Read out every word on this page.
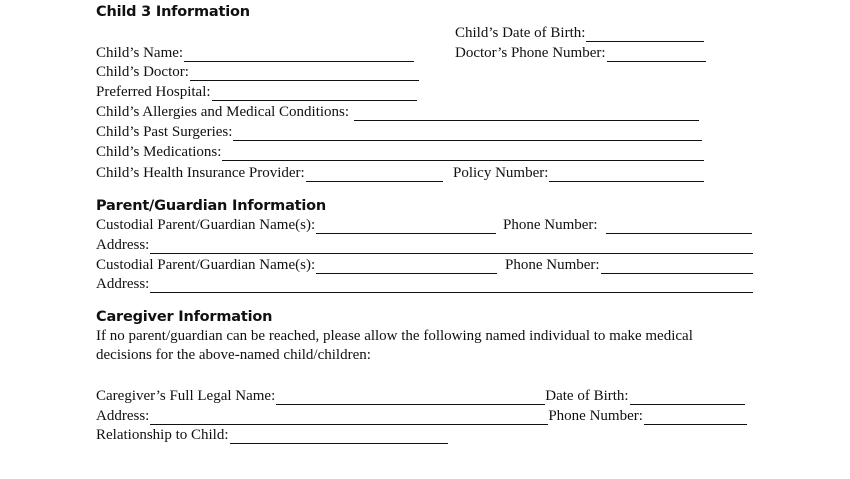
Child 3 Information
Child’s Date of Birth:
Doctor’s Phone Number:
Child’s Name:
Child’s Doctor:
Preferred Hospital:
Child’s Allergies and Medical Conditions:
Child’s Past Surgeries:
Child’s Medications:
Child’s Health Insurance Provider:	Policy Number:
Parent/Guardian Information
Custodial Parent/Guardian Name(s):	Phone Number:
Address:
Custodial Parent/Guardian Name(s):	Phone Number:
Address:
Caregiver Information
If no parent/guardian can be reached, please allow the following named individual to make medical
decisions for the above-named child/children:
Caregiver’s Full Legal Name:	Date of Birth:
Address:	Phone Number:
Relationship to Child:
